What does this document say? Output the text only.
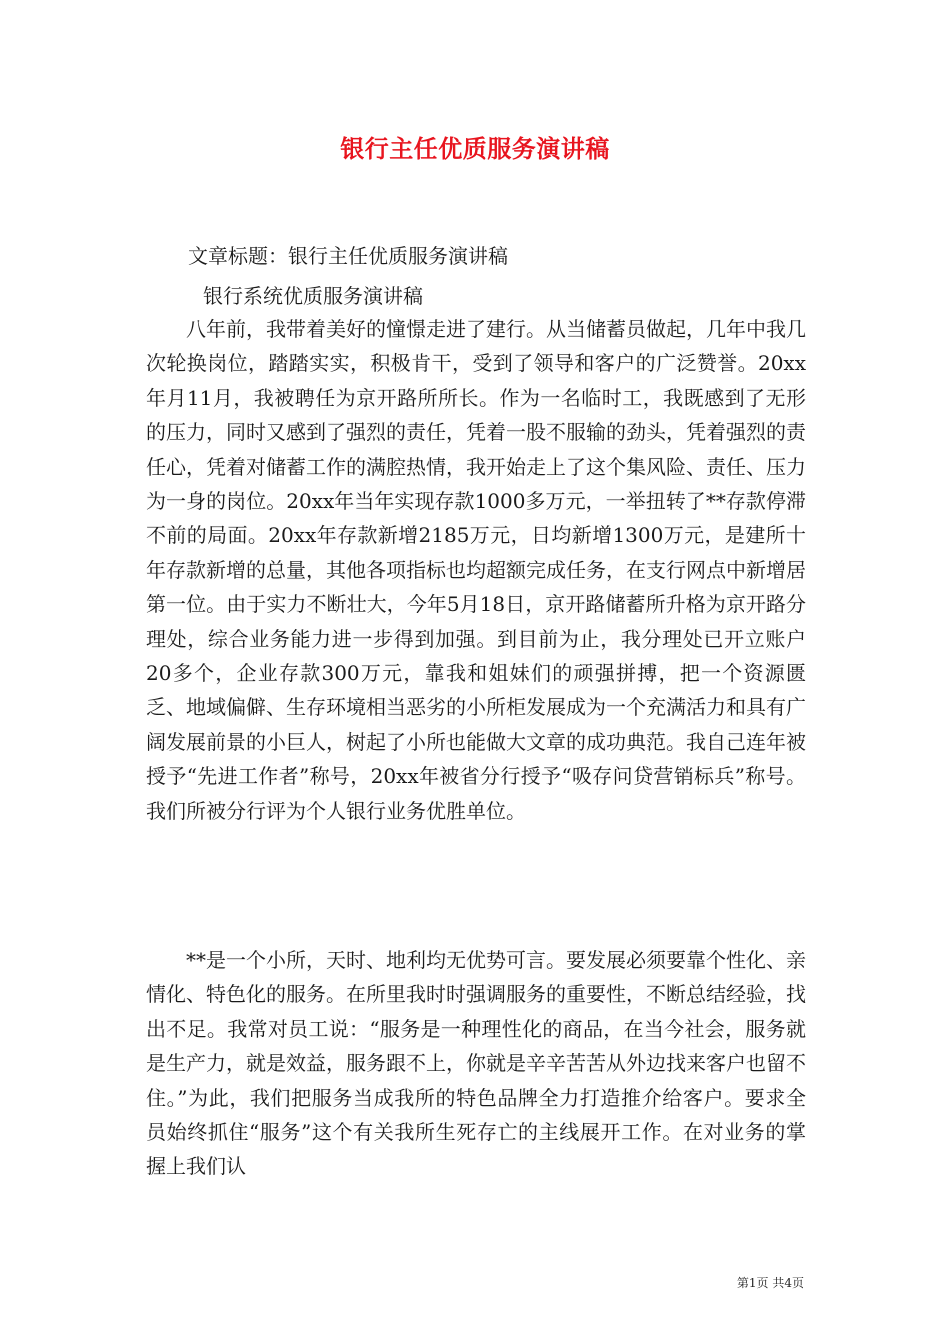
银行主任优质服务演讲稿
文章标题：银行主任优质服务演讲稿
银行系统优质服务演讲稿

八年前，我带着美好的憧憬走进了建行。从当储蓄员做起，几年中我几次轮换岗位，踏踏实实，积极肯干，受到了领导和客户的广泛赞誉。20xx年月11月，我被聘任为京开路所所长。作为一名临时工，我既感到了无形的压力，同时又感到了强烈的责任，凭着一股不服输的劲头，凭着强烈的责任心，凭着对储蓄工作的满腔热情，我开始走上了这个集风险、责任、压力为一身的岗位。20xx年当年实现存款1000多万元，一举扭转了**存款停滞不前的局面。20xx年存款新增2185万元，日均新增1300万元，是建所十年存款新增的总量，其他各项指标也均超额完成任务，在支行网点中新增居第一位。由于实力不断壮大，今年5月18日，京开路储蓄所升格为京开路分理处，综合业务能力进一步得到加强。到目前为止，我分理处已开立账户20多个，企业存款300万元，靠我和姐妹们的顽强拼搏，把一个资源匮乏、地域偏僻、生存环境相当恶劣的小所柜发展成为一个充满活力和具有广阔发展前景的小巨人，树起了小所也能做大文章的成功典范。我自己连年被授予“先进工作者”称号，20xx年被省分行授予“吸存问贷营销标兵”称号。我们所被分行评为个人银行业务优胜单位。

**是一个小所，天时、地利均无优势可言。要发展必须要靠个性化、亲情化、特色化的服务。在所里我时时强调服务的重要性，不断总结经验，找出不足。我常对员工说：“服务是一种理性化的商品，在当今社会，服务就是生产力，就是效益，服务跟不上，你就是辛辛苦苦从外边找来客户也留不住。”为此，我们把服务当成我所的特色品牌全力打造推介给客户。要求全员始终抓住“服务”这个有关我所生死存亡的主线展开工作。在对业务的掌握上我们认

第1页 共4页
